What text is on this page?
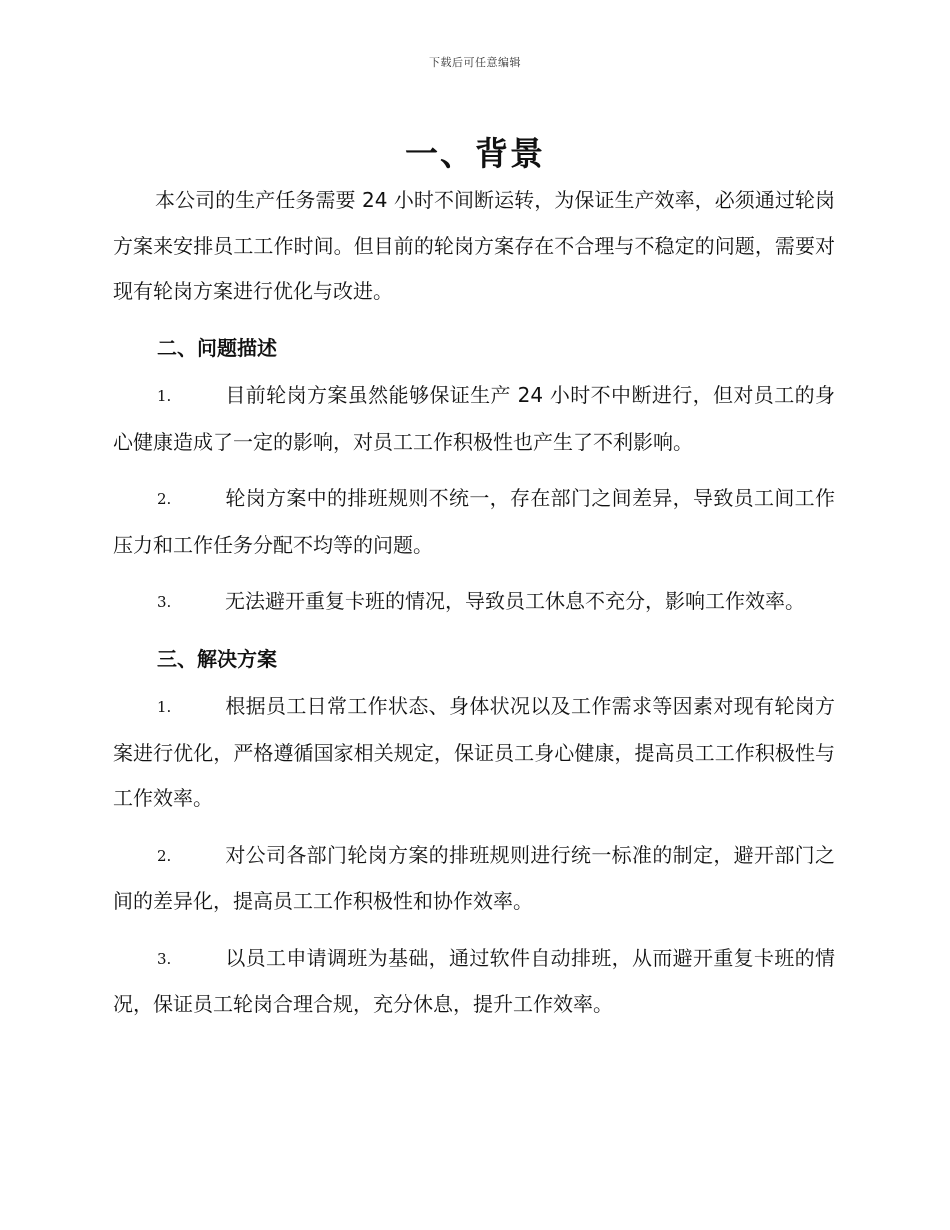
下载后可任意编辑
一、背景

本公司的生产任务需要 24 小时不间断运转，为保证生产效率，必须通过轮岗方案来安排员工工作时间。但目前的轮岗方案存在不合理与不稳定的问题，需要对现有轮岗方案进行优化与改进。

二、问题描述
1.	目前轮岗方案虽然能够保证生产 24 小时不中断进行，但对员工的身心健康造成了一定的影响，对员工工作积极性也产生了不利影响。
2.	轮岗方案中的排班规则不统一，存在部门之间差异，导致员工间工作压力和工作任务分配不均等的问题。
3.	无法避开重复卡班的情况，导致员工休息不充分，影响工作效率。
三、解决方案
1.	根据员工日常工作状态、身体状况以及工作需求等因素对现有轮岗方案进行优化，严格遵循国家相关规定，保证员工身心健康，提高员工工作积极性与工作效率。
2.	对公司各部门轮岗方案的排班规则进行统一标准的制定，避开部门之间的差异化，提高员工工作积极性和协作效率。
3.	以员工申请调班为基础，通过软件自动排班，从而避开重复卡班的情况，保证员工轮岗合理合规，充分休息，提升工作效率。
